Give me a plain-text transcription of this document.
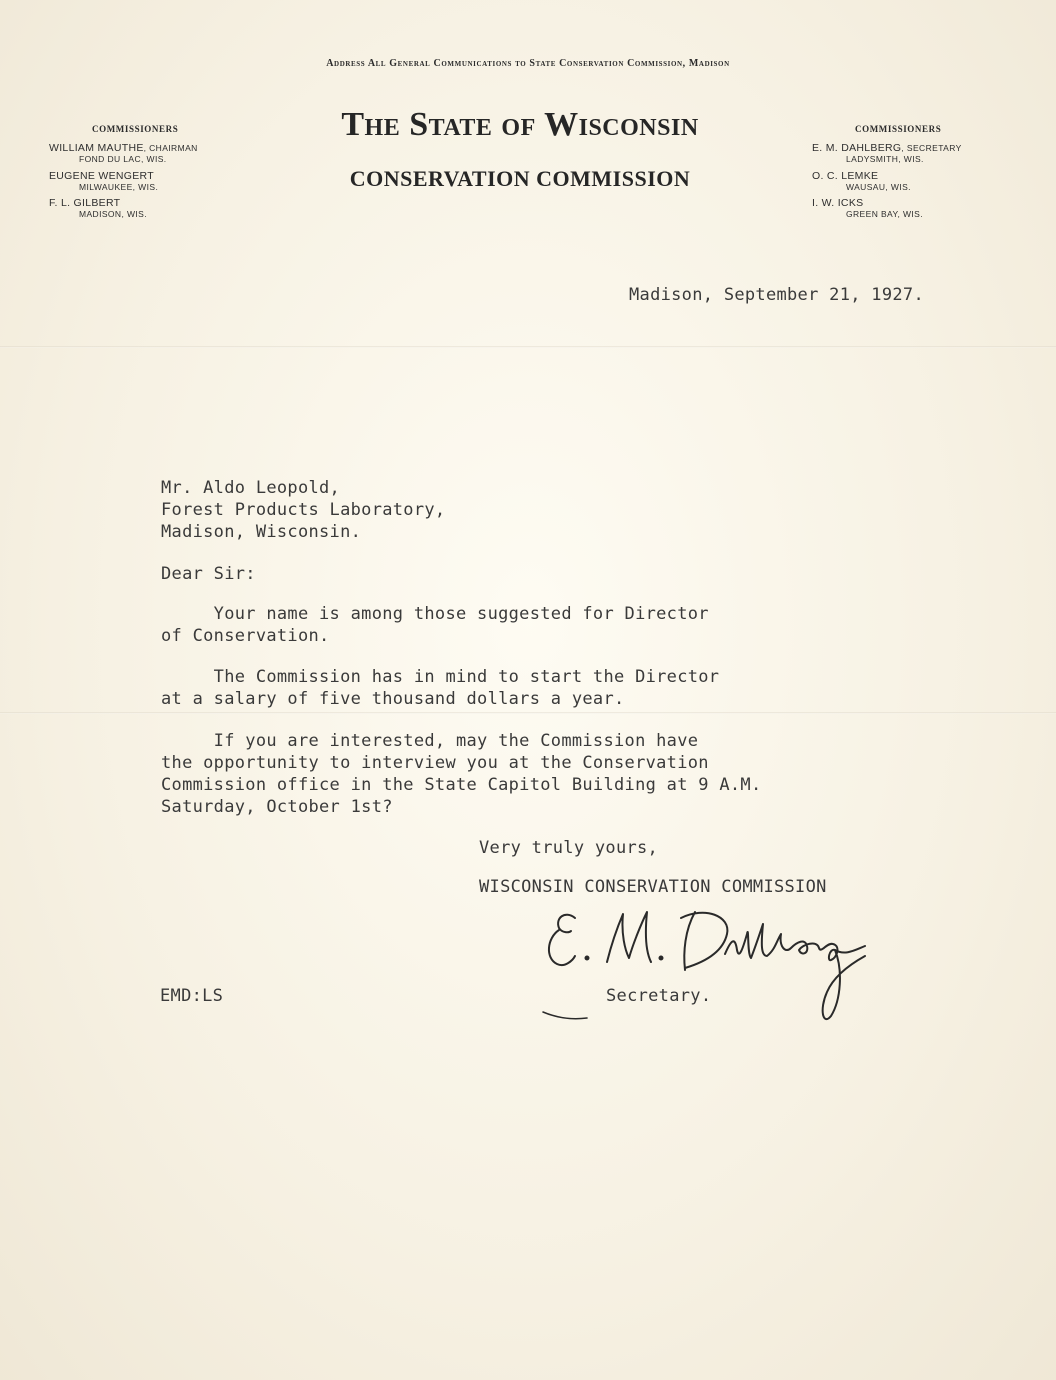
Address All General Communications to State Conservation Commission, Madison
The State of Wisconsin
CONSERVATION COMMISSION
COMMISSIONERS	COMMISSIONERS
WILLIAM MAUTHE, CHAIRMAN
FOND DU LAC, WIS.
EUGENE WENGERT
MILWAUKEE, WIS.
F. L. GILBERT
MADISON, WIS.
E. M. DAHLBERG, SECRETARY
LADYSMITH, WIS.
O. C. LEMKE
WAUSAU, WIS.
I. W. ICKS
GREEN BAY, WIS.
Madison, September 21, 1927.
Mr. Aldo Leopold,
Forest Products Laboratory,
Madison, Wisconsin.
Dear Sir:
Your name is among those suggested for Director
of Conservation.
The Commission has in mind to start the Director
at a salary of five thousand dollars a year.
If you are interested, may the Commission have
the opportunity to interview you at the Conservation
Commission office in the State Capitol Building at 9 A.M.
Saturday, October 1st?
Very truly yours,
WISCONSIN CONSERVATION COMMISSION
EMD:LS	Secretary.
